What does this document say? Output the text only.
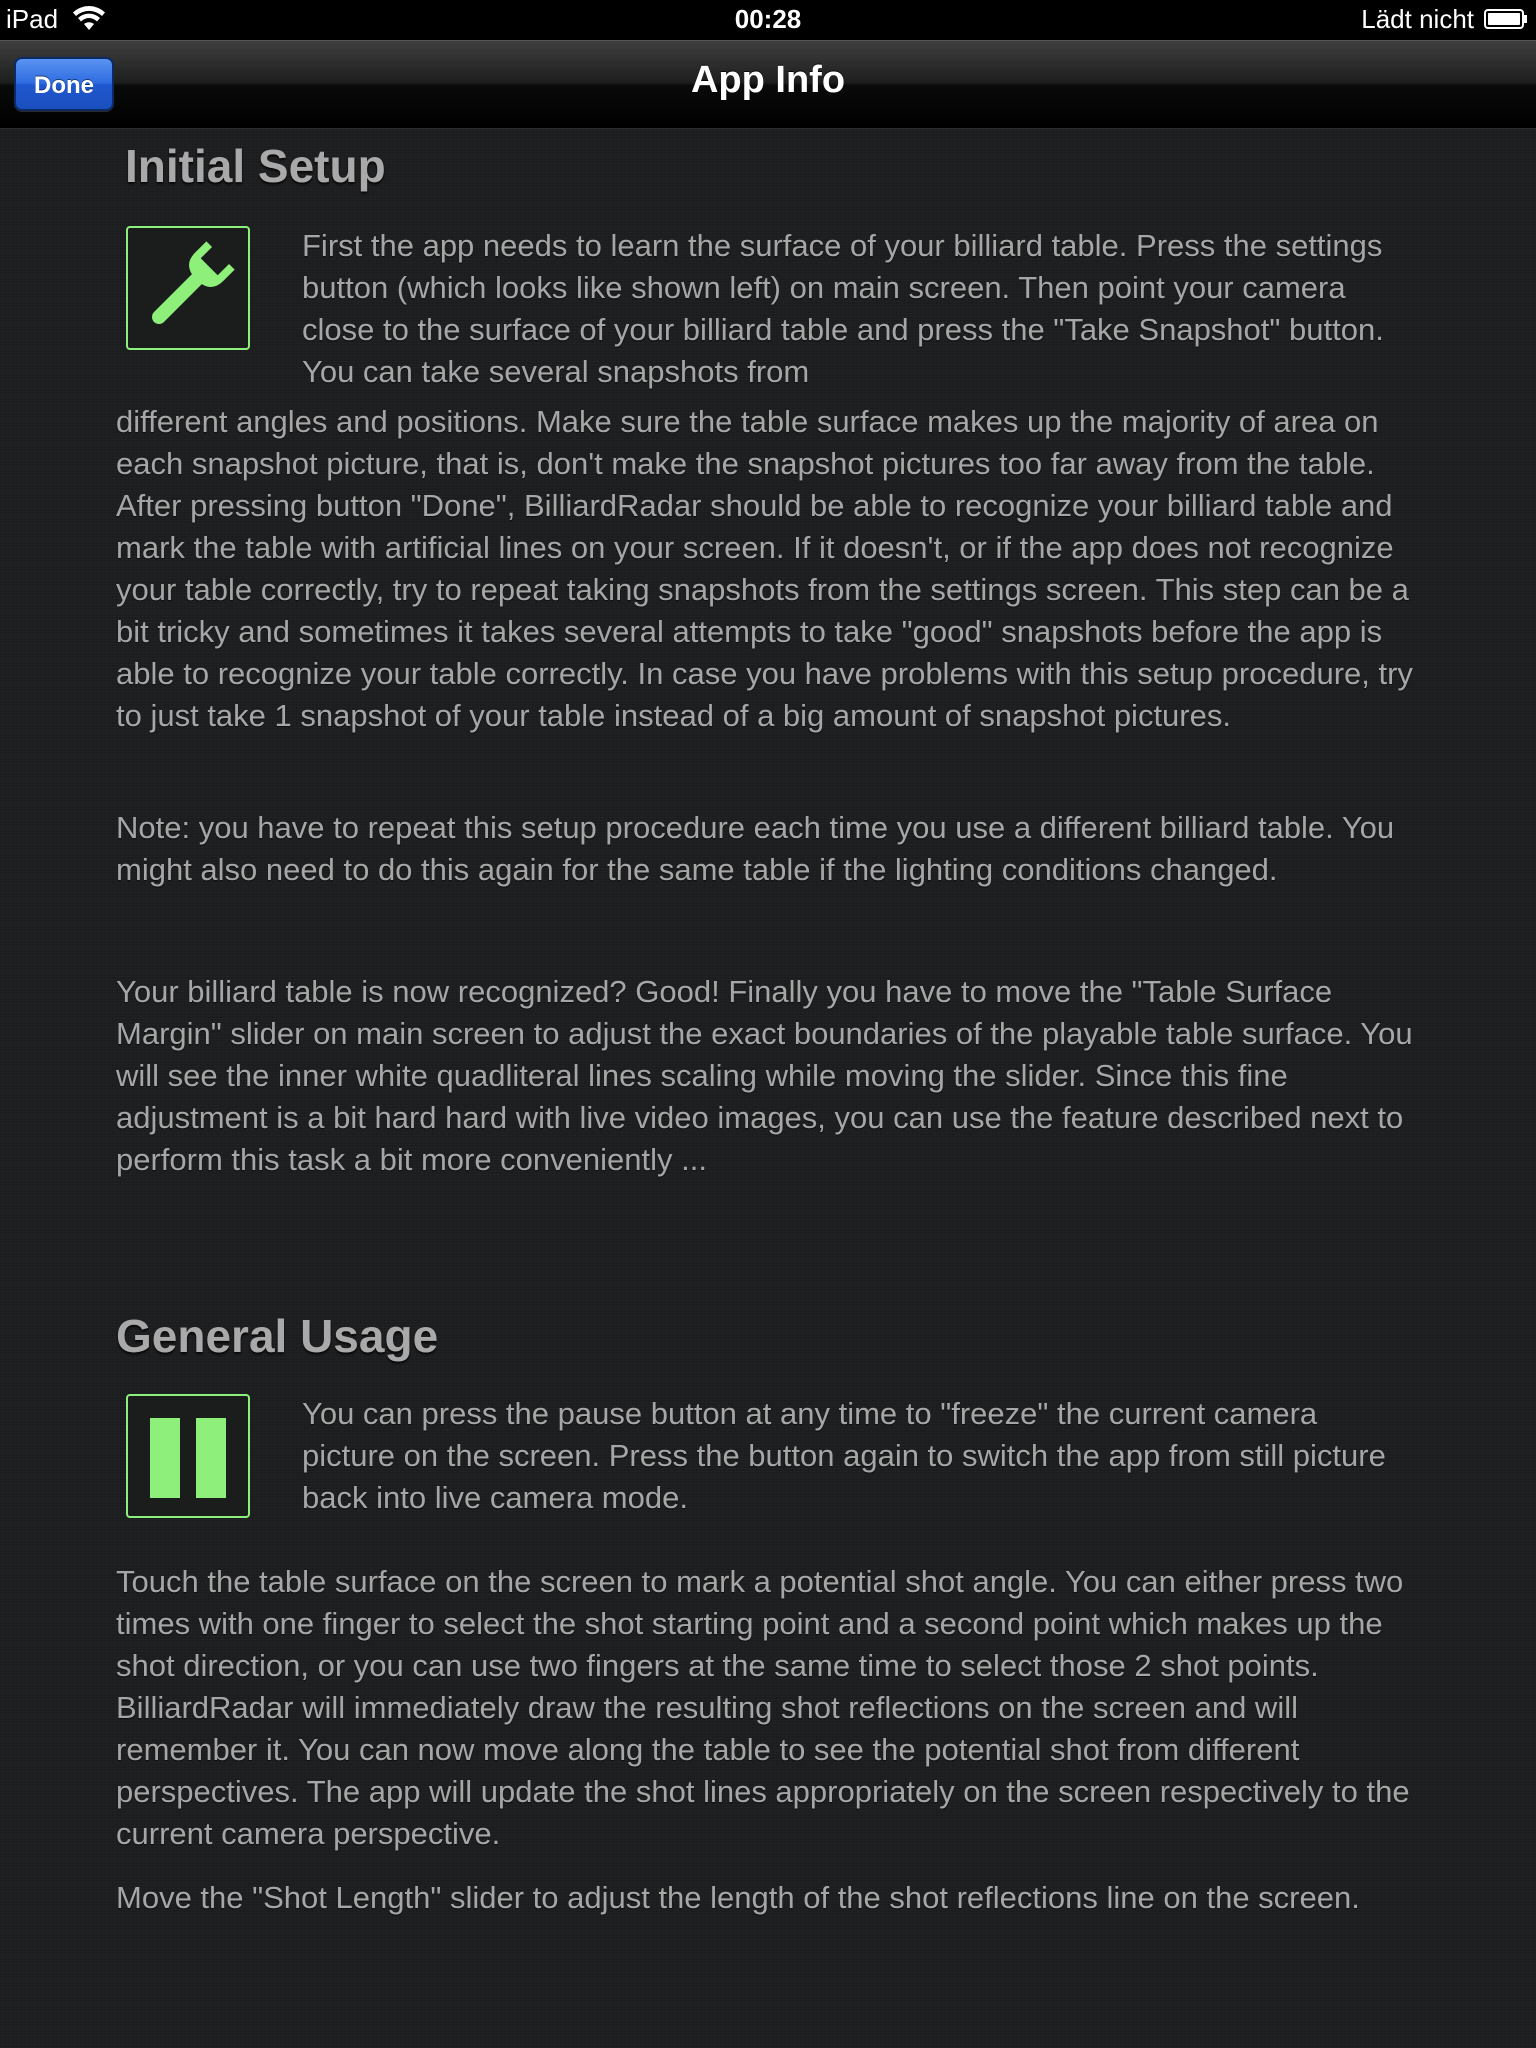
iPad	00:28	Lädt nicht
Done	App Info
Initial Setup

First the app needs to learn the surface of your billiard table. Press the settings button (which looks like shown left) on main screen. Then point your camera close to the surface of your billiard table and press the "Take Snapshot" button. You can take several snapshots from

different angles and positions. Make sure the table surface makes up the majority of area on each snapshot picture, that is, don't make the snapshot pictures too far away from the table. After pressing button "Done", BilliardRadar should be able to recognize your billiard table and mark the table with artificial lines on your screen. If it doesn't, or if the app does not recognize your table correctly, try to repeat taking snapshots from the settings screen. This step can be a bit tricky and sometimes it takes several attempts to take "good" snapshots before the app is able to recognize your table correctly. In case you have problems with this setup procedure, try to just take 1 snapshot of your table instead of a big amount of snapshot pictures.

Note: you have to repeat this setup procedure each time you use a different billiard table. You might also need to do this again for the same table if the lighting conditions changed.

Your billiard table is now recognized? Good! Finally you have to move the "Table Surface Margin" slider on main screen to adjust the exact boundaries of the playable table surface. You will see the inner white quadliteral lines scaling while moving the slider. Since this fine adjustment is a bit hard hard with live video images, you can use the feature described next to perform this task a bit more conveniently ...

General Usage

You can press the pause button at any time to "freeze" the current camera picture on the screen. Press the button again to switch the app from still picture back into live camera mode.

Touch the table surface on the screen to mark a potential shot angle. You can either press two times with one finger to select the shot starting point and a second point which makes up the shot direction, or you can use two fingers at the same time to select those 2 shot points. BilliardRadar will immediately draw the resulting shot reflections on the screen and will remember it. You can now move along the table to see the potential shot from different perspectives. The app will update the shot lines appropriately on the screen respectively to the current camera perspective.

Move the "Shot Length" slider to adjust the length of the shot reflections line on the screen.
